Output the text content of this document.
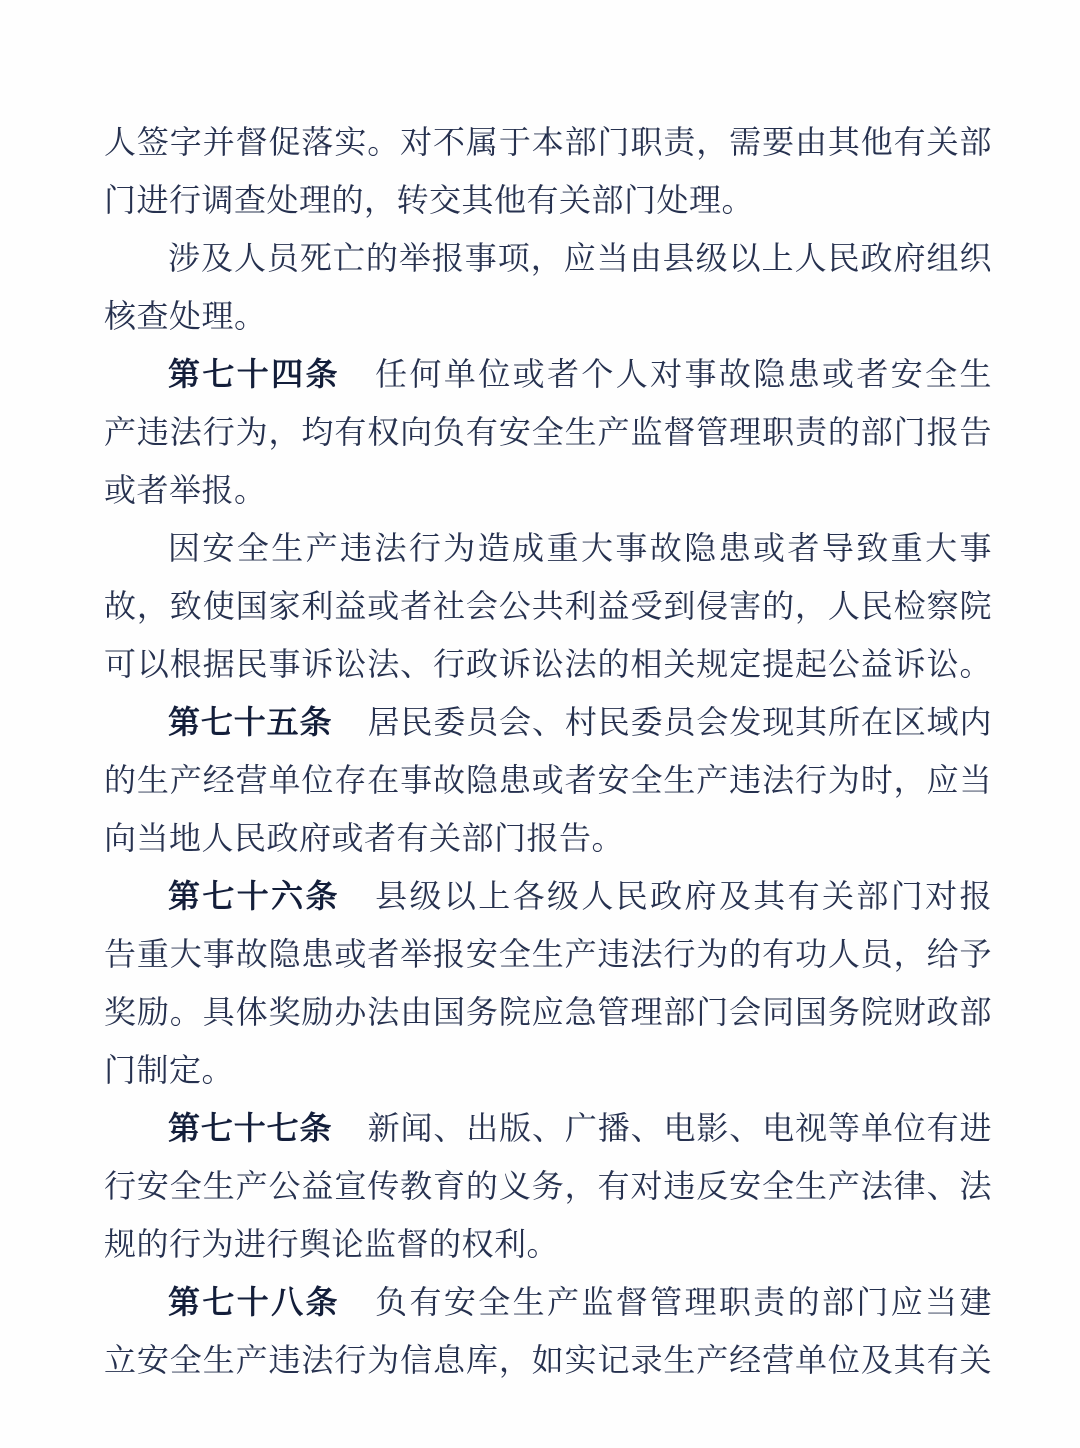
人签字并督促落实。对不属于本部门职责，需要由其他有关部
门进行调查处理的，转交其他有关部门处理。
涉及人员死亡的举报事项，应当由县级以上人民政府组织
核查处理。
第七十四条 任何单位或者个人对事故隐患或者安全生
产违法行为，均有权向负有安全生产监督管理职责的部门报告
或者举报。
因安全生产违法行为造成重大事故隐患或者导致重大事
故，致使国家利益或者社会公共利益受到侵害的，人民检察院
可以根据民事诉讼法、行政诉讼法的相关规定提起公益诉讼。
第七十五条 居民委员会、村民委员会发现其所在区域内
的生产经营单位存在事故隐患或者安全生产违法行为时，应当
向当地人民政府或者有关部门报告。
第七十六条 县级以上各级人民政府及其有关部门对报
告重大事故隐患或者举报安全生产违法行为的有功人员，给予
奖励。具体奖励办法由国务院应急管理部门会同国务院财政部
门制定。
第七十七条 新闻、出版、广播、电影、电视等单位有进
行安全生产公益宣传教育的义务，有对违反安全生产法律、法
规的行为进行舆论监督的权利。
第七十八条 负有安全生产监督管理职责的部门应当建
立安全生产违法行为信息库，如实记录生产经营单位及其有关
